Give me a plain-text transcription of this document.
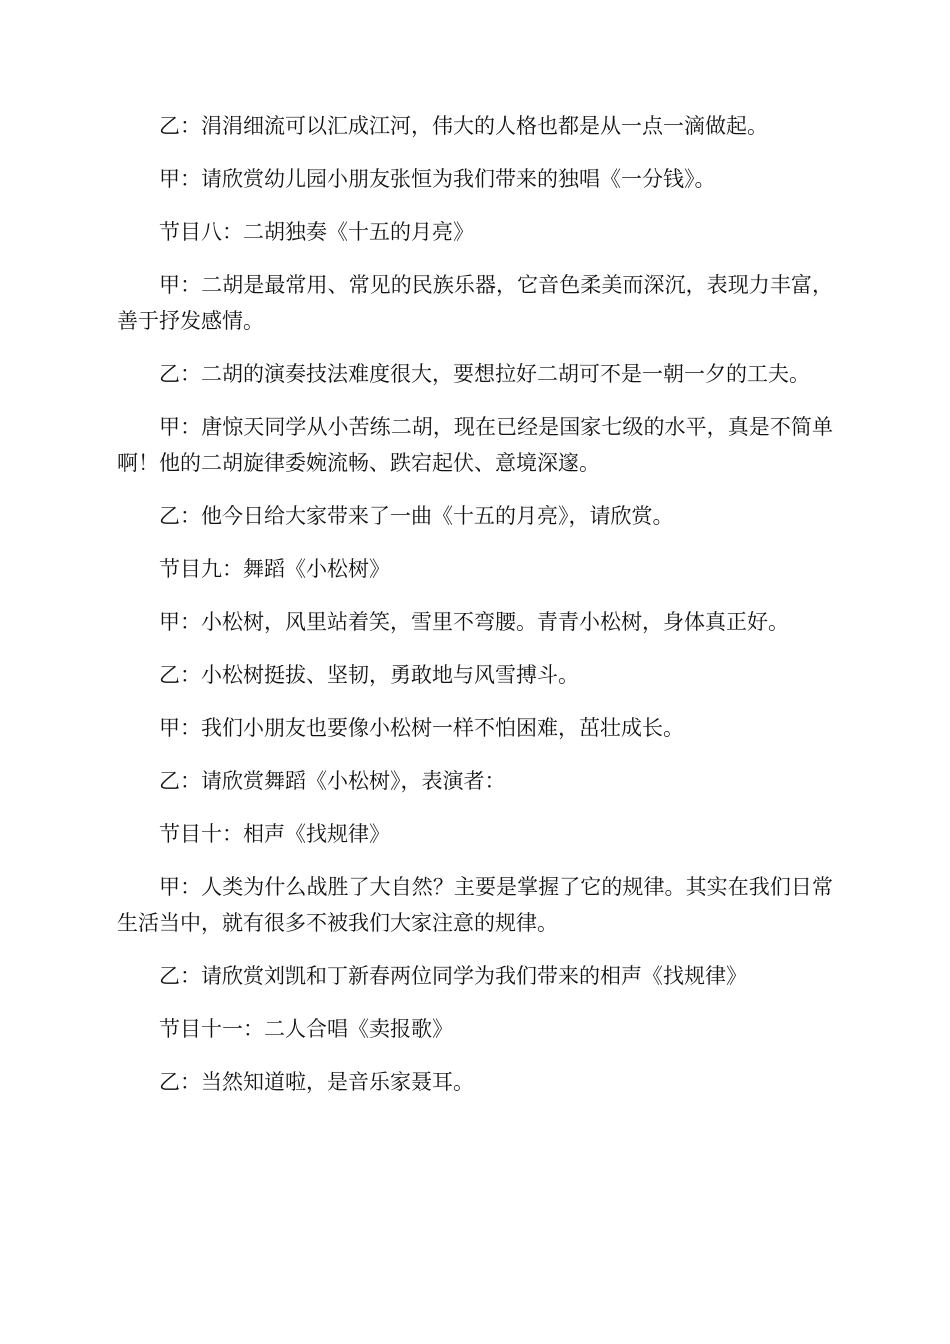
乙：涓涓细流可以汇成江河，伟大的人格也都是从一点一滴做起。

甲：请欣赏幼儿园小朋友张恒为我们带来的独唱《一分钱》。

节目八：二胡独奏《十五的月亮》

甲：二胡是最常用、常见的民族乐器，它音色柔美而深沉，表现力丰富，善于抒发感情。

乙：二胡的演奏技法难度很大，要想拉好二胡可不是一朝一夕的工夫。

甲：唐惊天同学从小苦练二胡，现在已经是国家七级的水平，真是不简单啊！他的二胡旋律委婉流畅、跌宕起伏、意境深邃。

乙：他今日给大家带来了一曲《十五的月亮》，请欣赏。

节目九：舞蹈《小松树》

甲：小松树，风里站着笑，雪里不弯腰。青青小松树，身体真正好。

乙：小松树挺拔、坚韧，勇敢地与风雪搏斗。

甲：我们小朋友也要像小松树一样不怕困难，茁壮成长。

乙：请欣赏舞蹈《小松树》，表演者：

节目十：相声《找规律》

甲：人类为什么战胜了大自然？主要是掌握了它的规律。其实在我们日常生活当中，就有很多不被我们大家注意的规律。

乙：请欣赏刘凯和丁新春两位同学为我们带来的相声《找规律》

节目十一：二人合唱《卖报歌》

乙：当然知道啦，是音乐家聂耳。
